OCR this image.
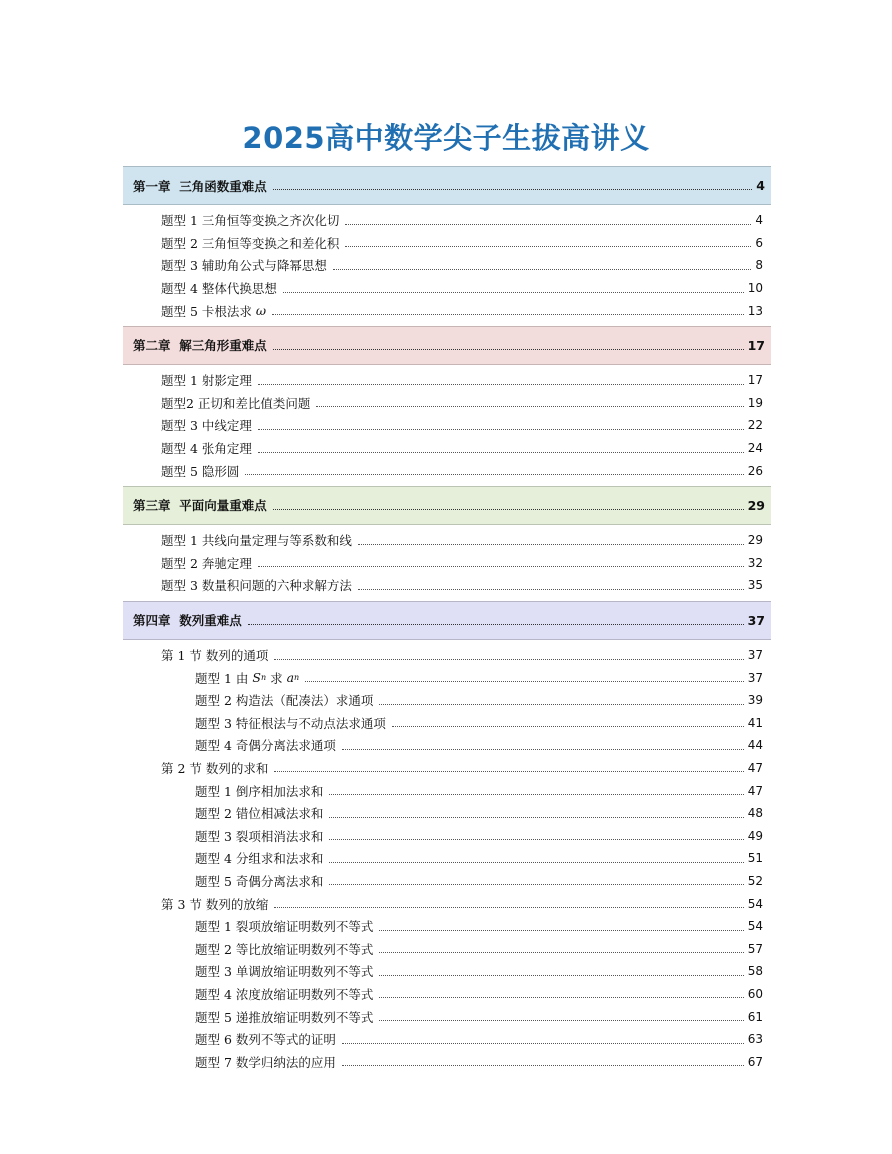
2025高中数学尖子生拔高讲义
第一章  三角函数重难点	4
题型 1 三角恒等变换之齐次化切	4
题型 2 三角恒等变换之和差化积	6
题型 3 辅助角公式与降幂思想	8
题型 4 整体代换思想	10
题型 5 卡根法求 ω	13
第二章  解三角形重难点	17
题型 1 射影定理	17
题型2 正切和差比值类问题	19
题型 3 中线定理	22
题型 4 张角定理	24
题型 5 隐形圆	26
第三章  平面向量重难点	29
题型 1 共线向量定理与等系数和线	29
题型 2 奔驰定理	32
题型 3 数量积问题的六种求解方法	35
第四章  数列重难点	37
第 1 节 数列的通项	37
题型 1 由 S n 求 a n	37
题型 2 构造法（配凑法）求通项	39
题型 3 特征根法与不动点法求通项	41
题型 4 奇偶分离法求通项	44
第 2 节 数列的求和	47
题型 1 倒序相加法求和	47
题型 2 错位相减法求和	48
题型 3 裂项相消法求和	49
题型 4 分组求和法求和	51
题型 5 奇偶分离法求和	52
第 3 节 数列的放缩	54
题型 1 裂项放缩证明数列不等式	54
题型 2 等比放缩证明数列不等式	57
题型 3 单调放缩证明数列不等式	58
题型 4 浓度放缩证明数列不等式	60
题型 5 递推放缩证明数列不等式	61
题型 6 数列不等式的证明	63
题型 7 数学归纳法的应用	67
